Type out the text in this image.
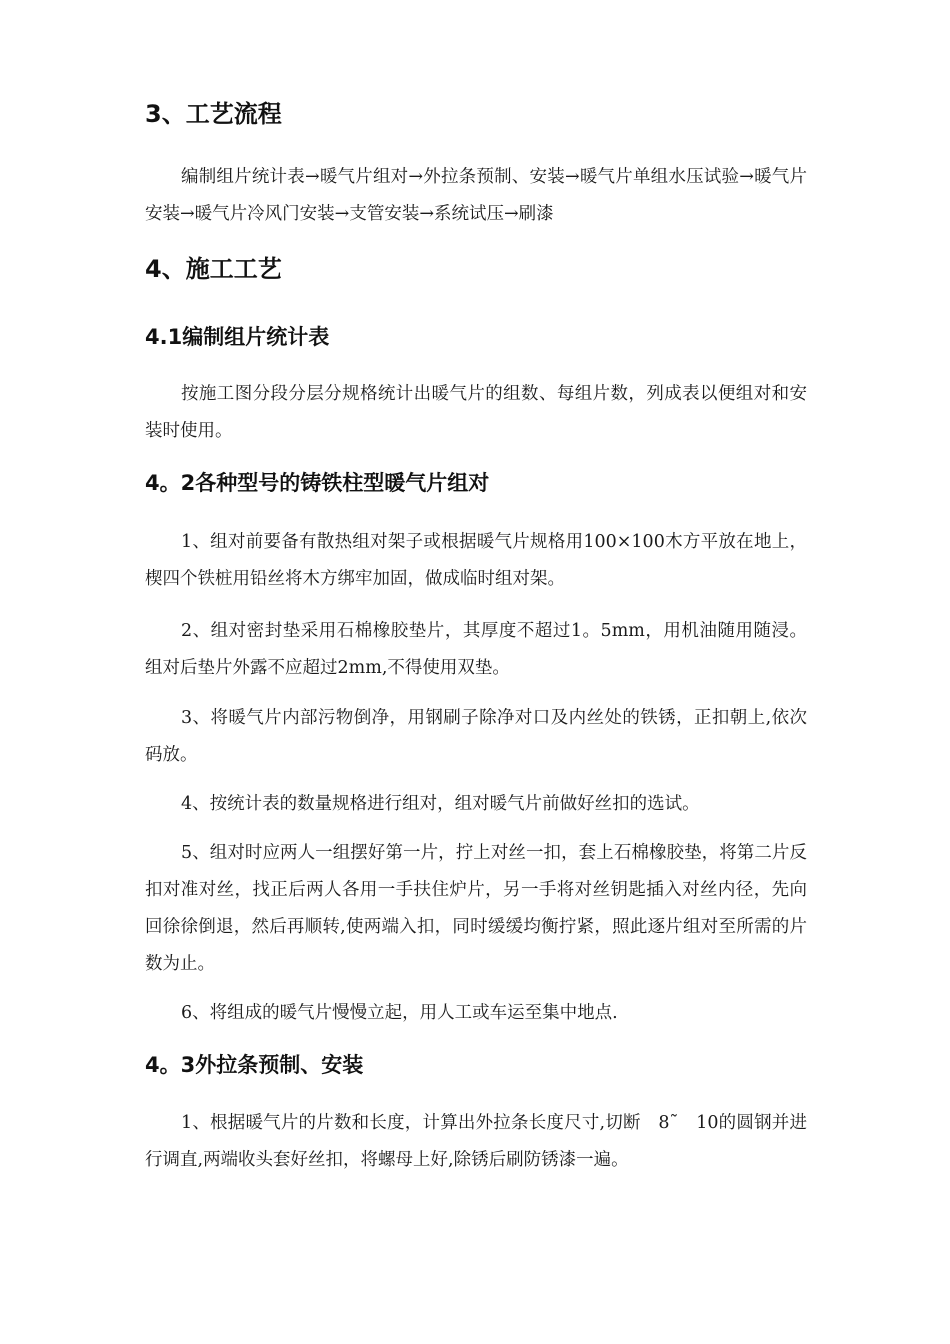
3、工艺流程

编制组片统计表→暖气片组对→外拉条预制、安装→暖气片单组水压试验→暖气片安装→暖气片冷风门安装→支管安装→系统试压→刷漆

4、施工工艺
4.1编制组片统计表

按施工图分段分层分规格统计出暖气片的组数、每组片数，列成表以便组对和安装时使用。

4。2各种型号的铸铁柱型暖气片组对

1、组对前要备有散热组对架子或根据暖气片规格用100×100木方平放在地上，楔四个铁桩用铅丝将木方绑牢加固，做成临时组对架。

2、组对密封垫采用石棉橡胶垫片，其厚度不超过1。5mm，用机油随用随浸。组对后垫片外露不应超过2mm,不得使用双垫。

3、将暖气片内部污物倒净，用钢刷子除净对口及内丝处的铁锈，正扣朝上,依次码放。

4、按统计表的数量规格进行组对，组对暖气片前做好丝扣的选试。

5、组对时应两人一组摆好第一片，拧上对丝一扣，套上石棉橡胶垫，将第二片反扣对准对丝，找正后两人各用一手扶住炉片，另一手将对丝钥匙插入对丝内径，先向回徐徐倒退，然后再顺转,使两端入扣，同时缓缓均衡拧紧，照此逐片组对至所需的片数为止。

6、将组成的暖气片慢慢立起，用人工或车运至集中地点.

4。3外拉条预制、安装

1、根据暖气片的片数和长度，计算出外拉条长度尺寸,切断　8˜　10的圆钢并进行调直,两端收头套好丝扣，将螺母上好,除锈后刷防锈漆一遍。
